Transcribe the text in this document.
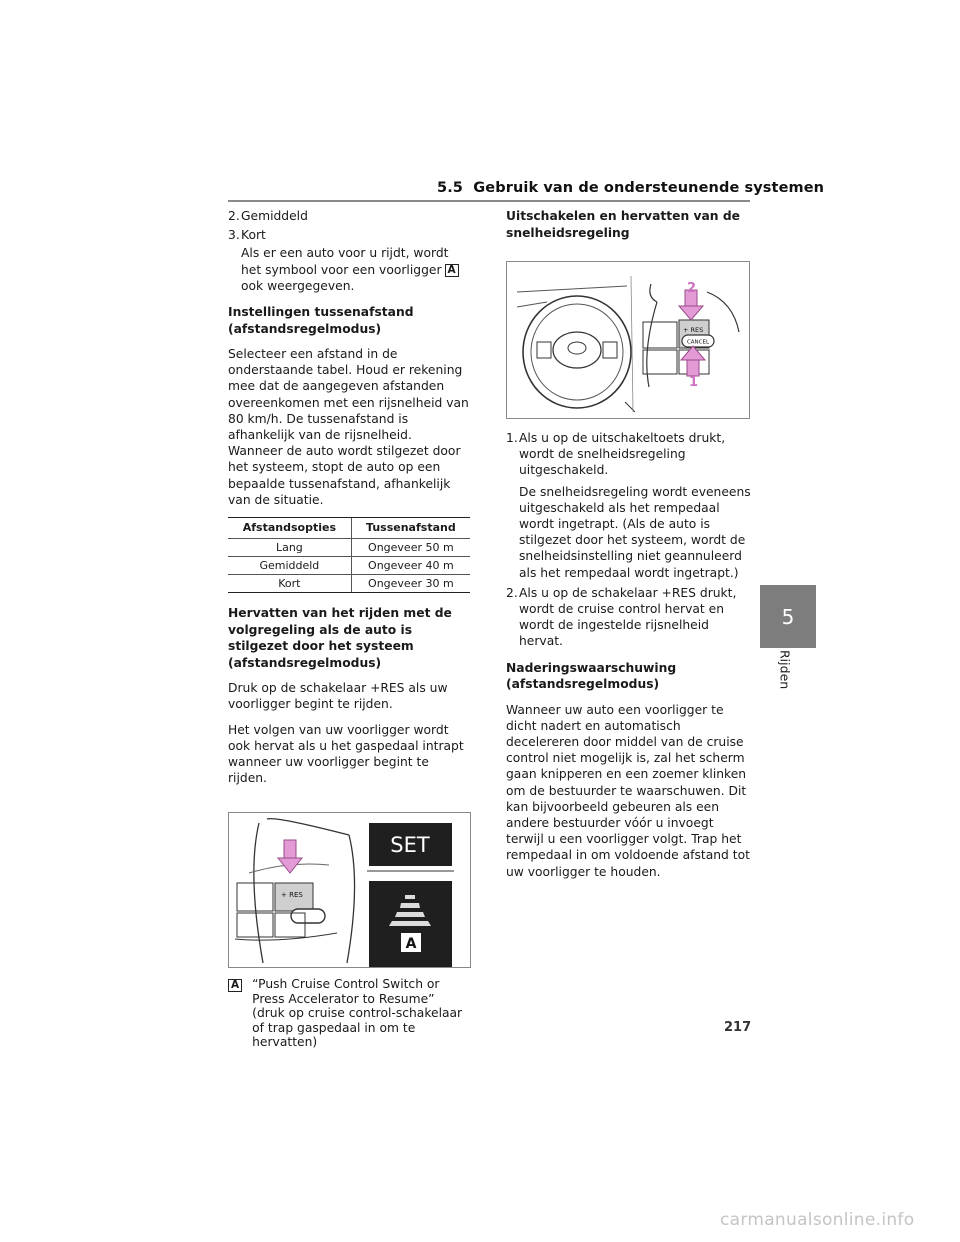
5.5 Gebruik van de ondersteunende systemen
5
Rijden
2. Gemiddeld
3. Kort
Als er een auto voor u rijdt, wordt het symbool voor een voorligger Aook weergegeven.
Instellingen tussenafstand (afstandsregelmodus)
Selecteer een afstand in de onderstaande tabel. Houd er rekening mee dat de aangegeven afstanden overeenkomen met een rijsnelheid van 80 km/h. De tussenafstand is afhankelijk van de rijsnelheid. Wanneer de auto wordt stilgezet door het systeem, stopt de auto op een bepaalde tussenafstand, afhankelijk van de situatie.
Afstandsopties	Tussenafstand
Lang	Ongeveer 50 m
Gemiddeld	Ongeveer 40 m
Kort	Ongeveer 30 m
Hervatten van het rijden met de volgregeling als de auto is stilgezet door het systeem (afstandsregelmodus)
Druk op de schakelaar +RES als uw voorligger begint te rijden.
Het volgen van uw voorligger wordt ook hervat als u het gaspedaal intrapt wanneer uw voorligger begint te rijden.
+ RES
SET
A
A “Push Cruise Control Switch or Press Accelerator to Resume” (druk op cruise control-schakelaar of trap gaspedaal in om te hervatten)
Uitschakelen en hervatten van de snelheidsregeling
+ RES
CANCEL
2
1
1. Als u op de uitschakeltoets drukt, wordt de snelheidsregeling uitgeschakeld.
De snelheidsregeling wordt eveneens uitgeschakeld als het rempedaal wordt ingetrapt. (Als de auto is stilgezet door het systeem, wordt de snelheidsinstelling niet geannuleerd als het rempedaal wordt ingetrapt.)
2. Als u op de schakelaar +RES drukt, wordt de cruise control hervat en wordt de ingestelde rijsnelheid hervat.
Naderingswaarschuwing (afstandsregelmodus)
Wanneer uw auto een voorligger te dicht nadert en automatisch decelereren door middel van de cruise control niet mogelijk is, zal het scherm gaan knipperen en een zoemer klinken om de bestuurder te waarschuwen. Dit kan bijvoorbeeld gebeuren als een andere bestuurder vóór u invoegt terwijl u een voorligger volgt. Trap het rempedaal in om voldoende afstand tot uw voorligger te houden.
217
carmanualsonline.info
